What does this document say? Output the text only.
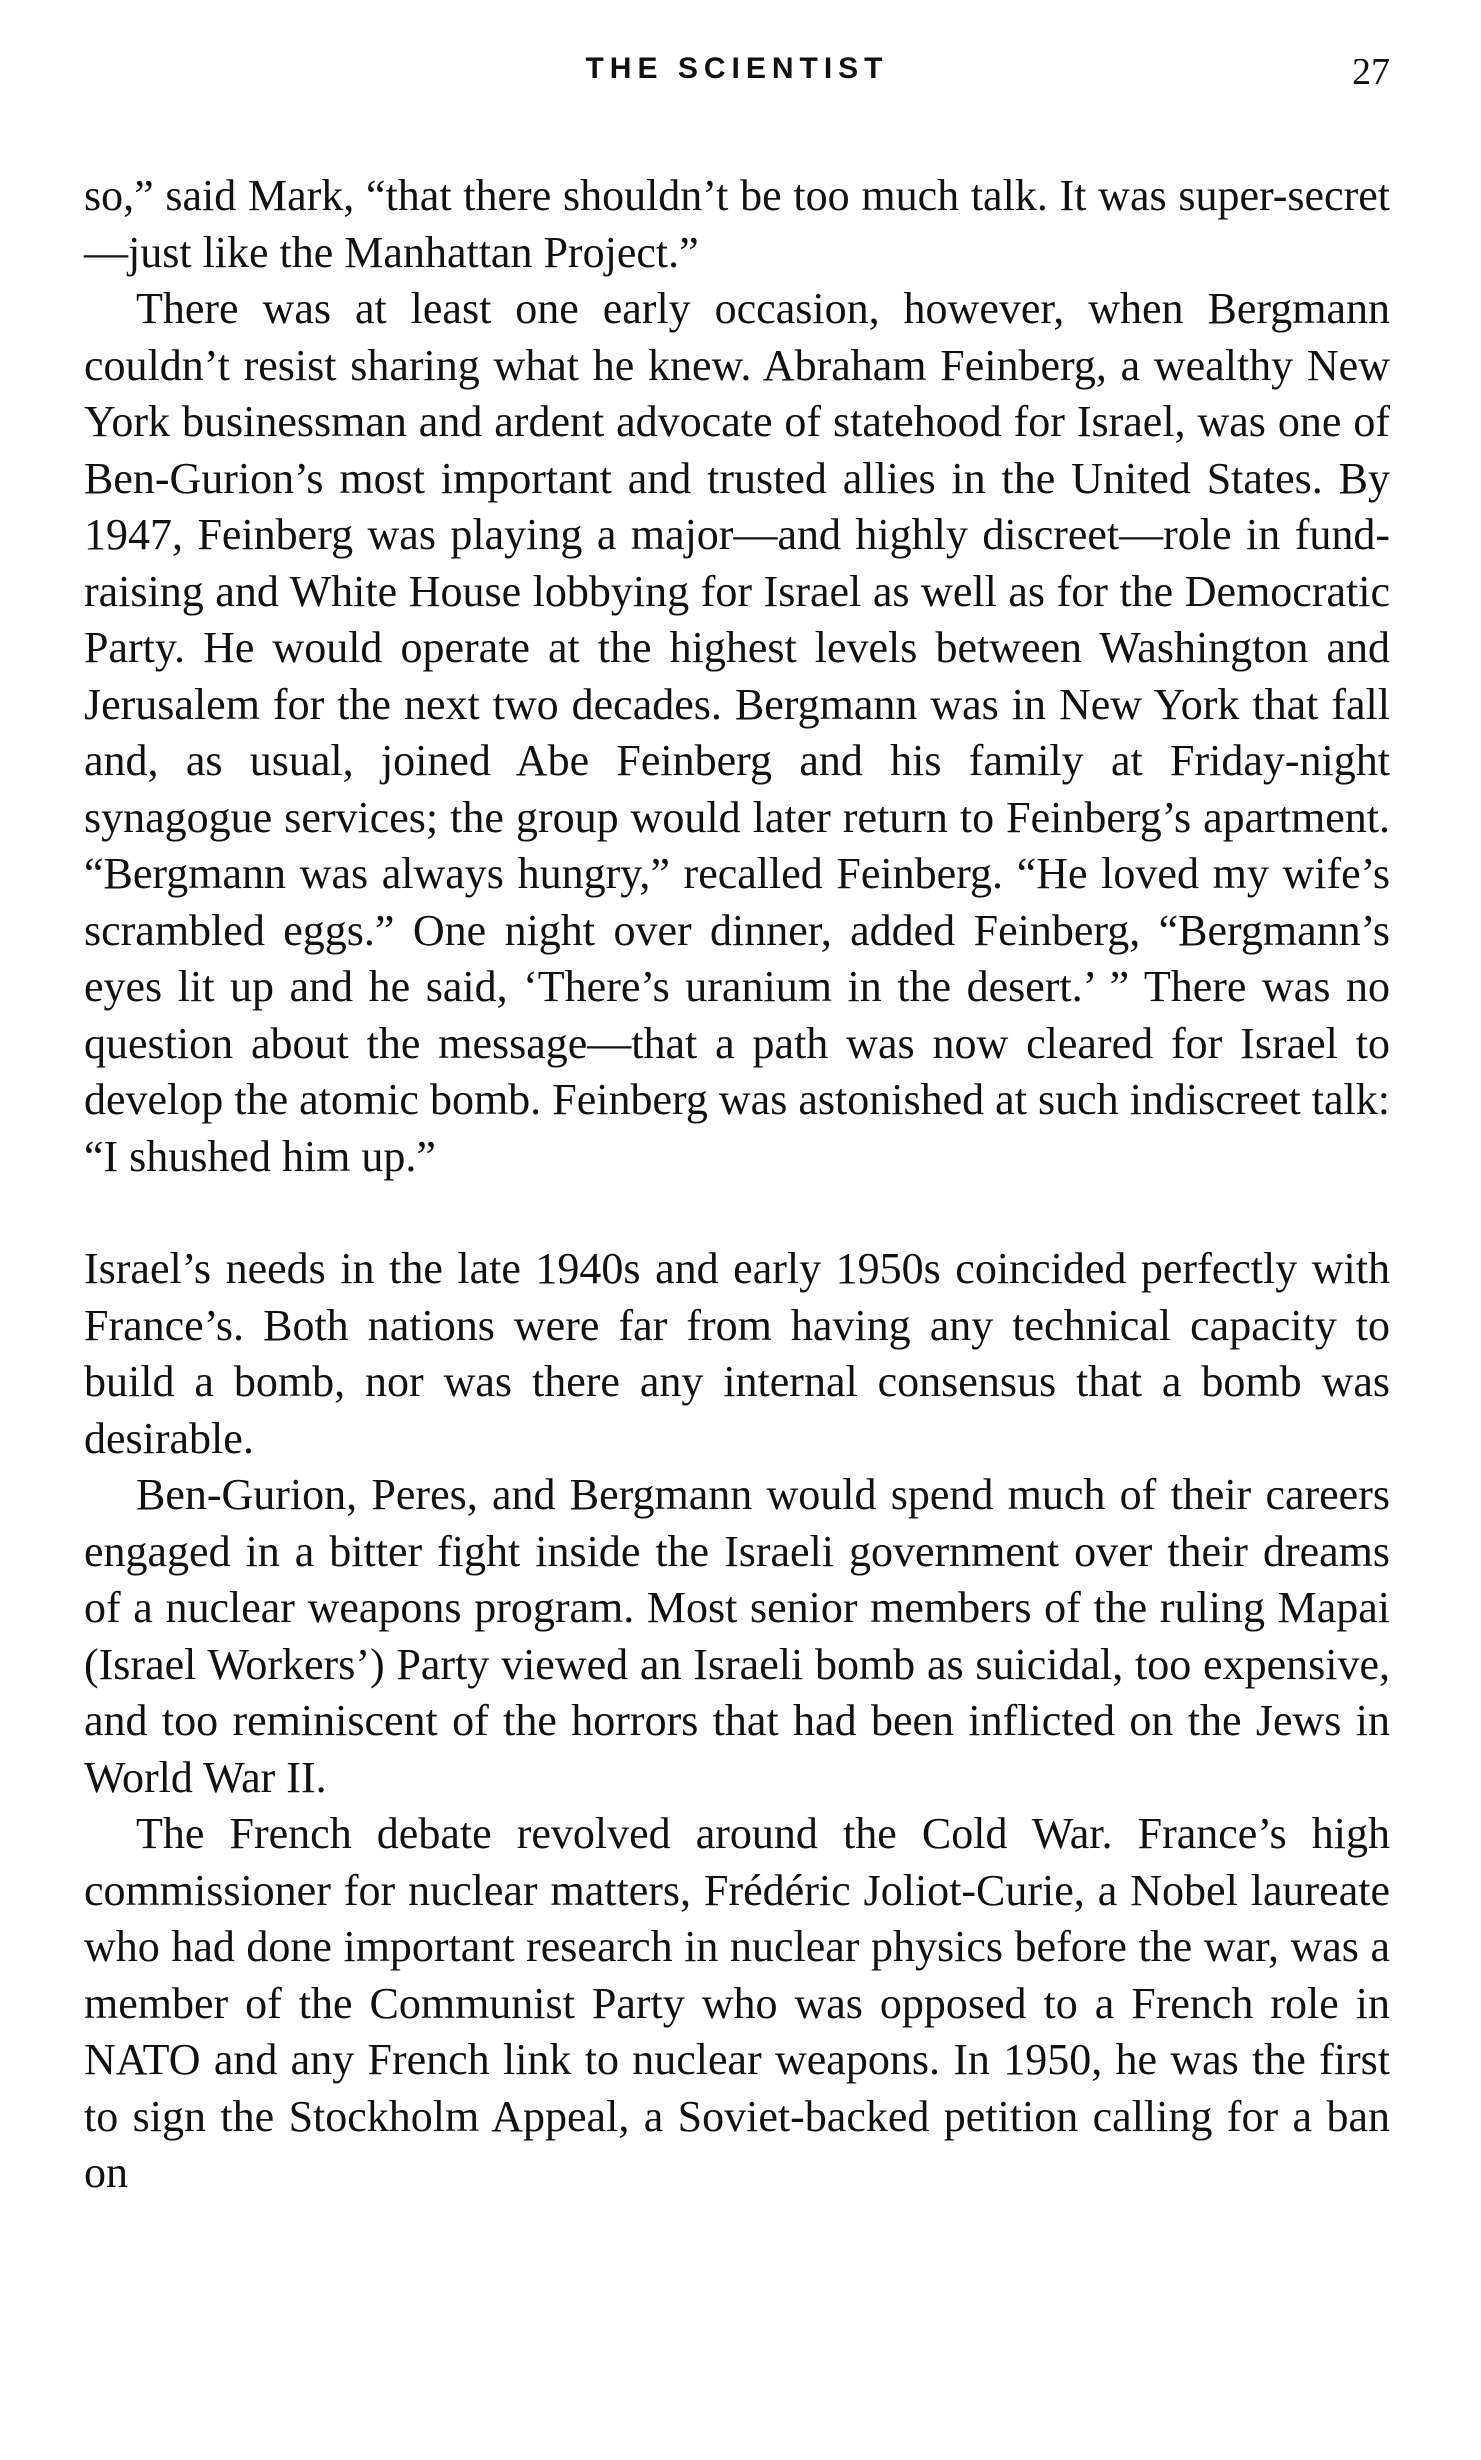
THE SCIENTIST	27

so,” said Mark, “that there shouldn’t be too much talk. It was super-secret—just like the Manhattan Project.”

There was at least one early occasion, however, when Bergmann couldn’t resist sharing what he knew. Abraham Feinberg, a wealthy New York businessman and ardent advocate of statehood for Israel, was one of Ben-Gurion’s most important and trusted allies in the United States. By 1947, Feinberg was playing a major—and highly discreet—role in fund-raising and White House lobbying for Israel as well as for the Democratic Party. He would operate at the highest levels between Washington and Jerusalem for the next two decades. Bergmann was in New York that fall and, as usual, joined Abe Feinberg and his family at Friday-night synagogue services; the group would later return to Feinberg’s apartment. “Bergmann was always hungry,” recalled Feinberg. “He loved my wife’s scrambled eggs.” One night over dinner, added Feinberg, “Bergmann’s eyes lit up and he said, ‘There’s uranium in the desert.’ ” There was no question about the message—that a path was now cleared for Israel to develop the atomic bomb. Feinberg was astonished at such indiscreet talk: “I shushed him up.”

Israel’s needs in the late 1940s and early 1950s coincided perfectly with France’s. Both nations were far from having any technical capacity to build a bomb, nor was there any internal consensus that a bomb was desirable.

Ben-Gurion, Peres, and Bergmann would spend much of their careers engaged in a bitter fight inside the Israeli government over their dreams of a nuclear weapons program. Most senior members of the ruling Mapai (Israel Workers’) Party viewed an Israeli bomb as suicidal, too expensive, and too reminiscent of the horrors that had been inflicted on the Jews in World War II.

The French debate revolved around the Cold War. France’s high commissioner for nuclear matters, Frédéric Joliot-Curie, a Nobel laureate who had done important research in nuclear physics before the war, was a member of the Communist Party who was opposed to a French role in NATO and any French link to nuclear weapons. In 1950, he was the first to sign the Stockholm Appeal, a Soviet-backed petition calling for a ban on
